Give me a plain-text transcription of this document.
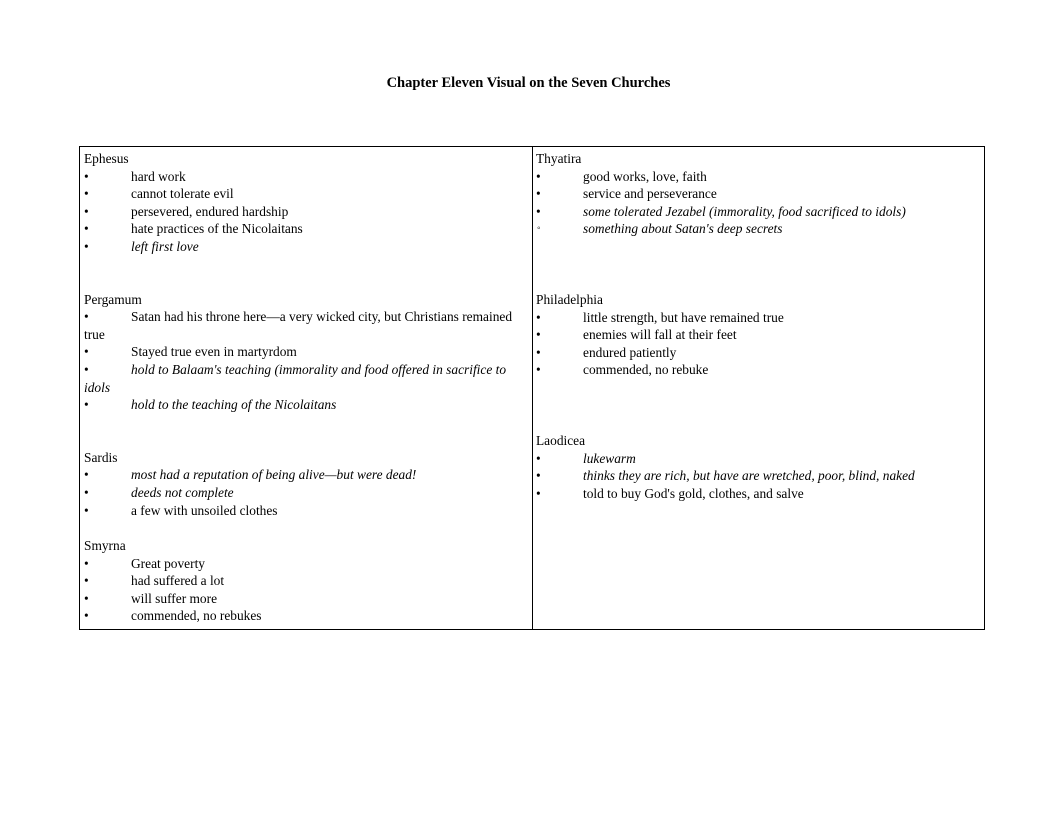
Chapter Eleven Visual on the Seven Churches
Ephesus
•	hard work
•	cannot tolerate evil
•	persevered, endured hardship
•	hate practices of the Nicolaitans
•	left first love
Pergamum
•	Satan had his throne here—a very wicked city, but Christians remained true
•	Stayed true even in martyrdom
•	hold to Balaam's teaching (immorality and food offered in sacrifice to idols
•	hold to the teaching of the Nicolaitans
Sardis
•	most had a reputation of being alive—but were dead!
•	deeds not complete
•	a few with unsoiled clothes
Smyrna
•	Great poverty
•	had suffered a lot
•	will suffer more
•	commended, no rebukes
Thyatira
•	good works, love, faith
•	service and perseverance
•	some tolerated Jezabel (immorality, food sacrificed to idols)
◦	something about Satan's deep secrets
Philadelphia
•	little strength, but have remained true
•	enemies will fall at their feet
•	endured patiently
•	commended, no rebuke
Laodicea
•	lukewarm
•	thinks they are rich, but have are wretched, poor, blind, naked
•	told to buy God's gold, clothes, and salve
